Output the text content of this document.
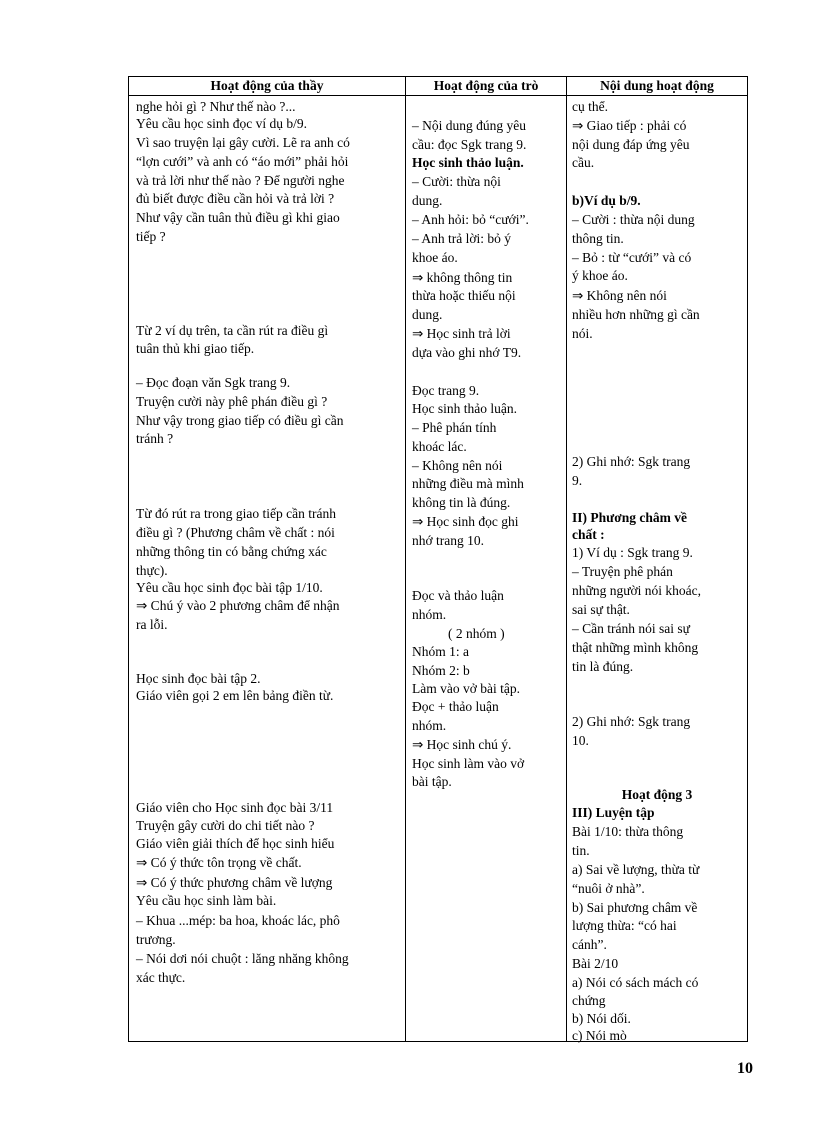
Hoạt động của thầy
nghe hỏi gì ? Như thế nào ?...
Yêu cầu học sinh đọc ví dụ b/9.
Vì sao truyện lại gây cười. Lẽ ra anh có
“lợn cưới” và anh có “áo mới” phải hỏi
và trả lời như thế nào ? Để người nghe
đủ biết được điều cần hỏi và trả lời ?
Như vậy cần tuân thủ điều gì khi giao
tiếp ?
Từ 2 ví dụ trên, ta cần rút ra điều gì
tuân thủ khi giao tiếp.
– Đọc đoạn văn Sgk trang 9.
Truyện cười này phê phán điều gì ?
Như vậy trong giao tiếp có điều gì cần
tránh ?
Từ đó rút ra trong giao tiếp cần tránh
điều gì ? (Phương châm về chất : nói
những thông tin có bằng chứng xác
thực).
Yêu cầu học sinh đọc bài tập 1/10.
⇒ Chú ý vào 2 phương châm để nhận
ra lỗi.
Học sinh đọc bài tập 2.
Giáo viên gọi 2 em lên bảng điền từ.
Giáo viên cho Học sinh đọc bài 3/11
Truyện gây cười do chi tiết nào ?
Giáo viên giải thích để học sinh hiểu
⇒ Có ý thức tôn trọng về chất.
⇒ Có ý thức phương châm về lượng
Yêu cầu học sinh làm bài.
– Khua ...mép: ba hoa, khoác lác, phô
trương.
– Nói dơi nói chuột : lăng nhăng không
xác thực.
Hoạt động của trò
– Nội dung đúng yêu
cầu: đọc Sgk trang 9.
Học sinh thảo luận.
– Cười: thừa nội
dung.
– Anh hỏi: bỏ “cưới”.
– Anh trả lời: bỏ ý
khoe áo.
⇒ không thông tin
thừa hoặc thiếu nội
dung.
⇒ Học sinh trả lời
dựa vào ghi nhớ T9.
Đọc trang 9.
Học sinh thảo luận.
– Phê phán tính
khoác lác.
– Không nên nói
những điều mà mình
không tin là đúng.
⇒ Học sinh đọc ghi
nhớ trang 10.
Đọc và thảo luận
nhóm.
( 2 nhóm )
Nhóm 1: a
Nhóm 2: b
Làm vào vở bài tập.
Đọc + thảo luận
nhóm.
⇒ Học sinh chú ý.
Học sinh làm vào vở
bài tập.
Nội dung hoạt động
cụ thể.
⇒ Giao tiếp : phải có
nội dung đáp ứng yêu
cầu.
b)Ví dụ b/9.
– Cười : thừa nội dung
thông tin.
– Bỏ : từ “cưới” và có
ý khoe áo.
⇒ Không nên nói
nhiều hơn những gì cần
nói.
2) Ghi nhớ: Sgk trang
9.
II) Phương châm về
chất :
1) Ví dụ : Sgk trang 9.
– Truyện phê phán
những người nói khoác,
sai sự thật.
– Cần tránh nói sai sự
thật những mình không
tin là đúng.
2) Ghi nhớ: Sgk trang
10.
Hoạt động 3
III) Luyện tập
Bài 1/10: thừa thông
tin.
a) Sai về lượng, thừa từ
“nuôi ở nhà”.
b) Sai phương châm về
lượng thừa: “có hai
cánh”.
Bài 2/10
a) Nói có sách mách có
chứng
b) Nói dối.
c) Nói mò
10
